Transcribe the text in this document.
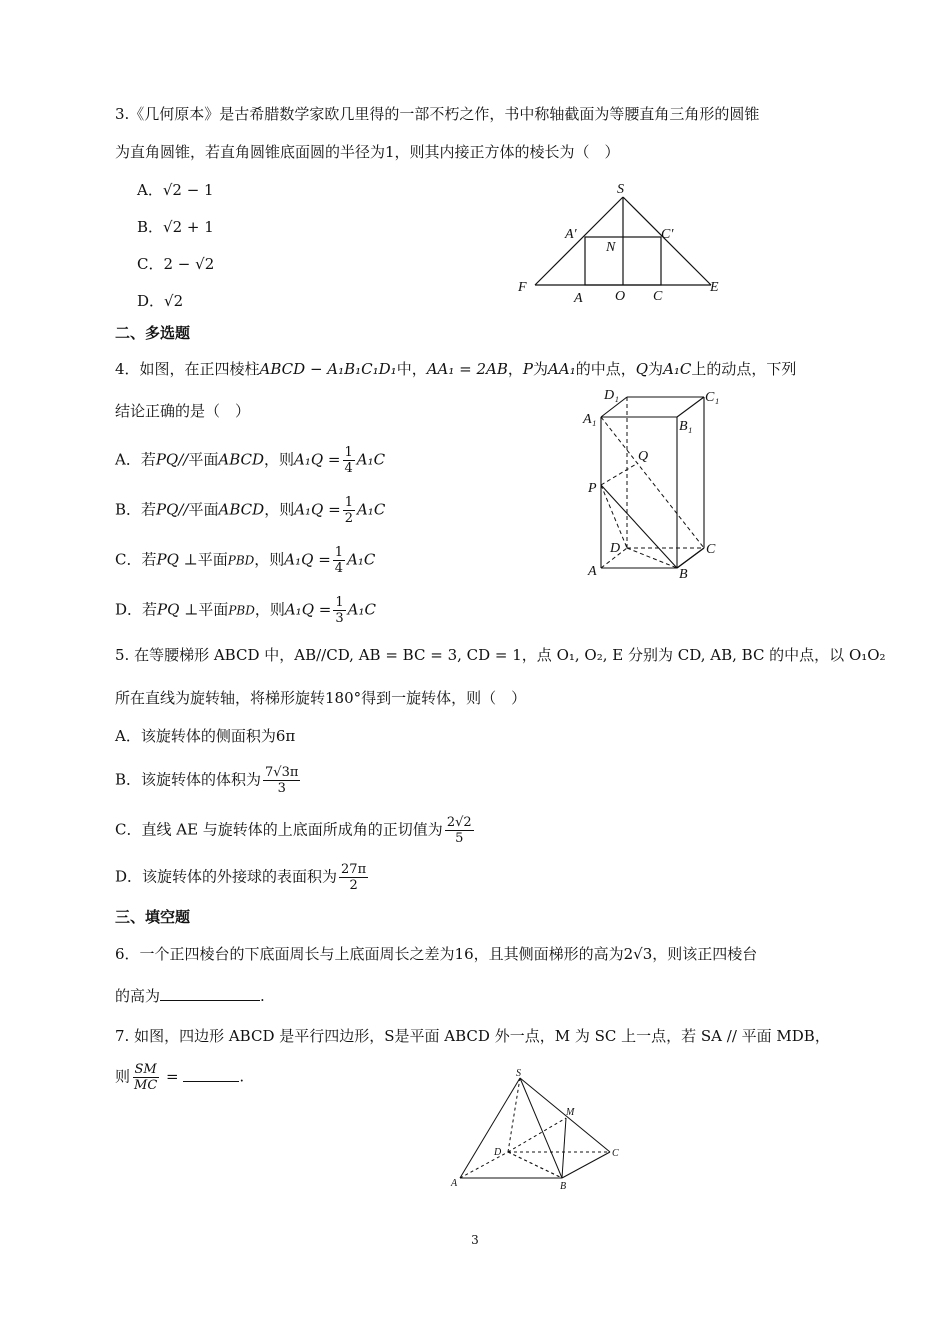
3.《几何原本》是古希腊数学家欧几里得的一部不朽之作，书中称轴截面为等腰直角三角形的圆锥
为直角圆锥，若直角圆锥底面圆的半径为1，则其内接正方体的棱长为（　）
A．√2 − 1
B．√2 + 1
C．2 − √2
D．√2
S
A′	C′
N
F
A O C
E
二、多选题
4．如图，在正四棱柱ABCD − A₁B₁C₁D₁中，AA₁ = 2AB，P为AA₁的中点，Q为A₁C上的动点，下列
结论正确的是（　）
A．若PQ//平面ABCD，则$A_1Q = \frac{1}{4} A_1C$
B．若PQ//平面ABCD，则$A_1Q = \frac{1}{2} A_1C$
C．若PQ ⊥平面PBD，则$A_1Q = \frac{1}{4} A_1C$
D．若PQ ⊥平面PBD，则$A_1Q = \frac{1}{3} A_1C$
D₁	C₁
A₁	B₁
Q
P
D	C
A	B
5. 在等腰梯形 ABCD 中，AB//CD, AB = BC = 3, CD = 1，点 O₁, O₂, E 分别为 CD, AB, BC 的中点，以 O₁O₂
所在直线为旋转轴，将梯形旋转180°得到一旋转体，则（　）
A．该旋转体的侧面积为6π
B．该旋转体的体积为 $\frac{7√3\pi}{3}$
C．直线 AE 与旋转体的上底面所成角的正切值为 $\frac{2√2}{5}$
D．该旋转体的外接球的表面积为 $\frac{27\pi}{2}$
三、填空题
6．一个正四棱台的下底面周长与上底面周长之差为16，且其侧面梯形的高为2√3，则该正四棱台
的高为	.
7. 如图，四边形 ABCD 是平行四边形，S是平面 ABCD 外一点，M 为 SC 上一点，若 SA // 平面 MDB，
则 $\frac{SM}{MC}$ =	.	S
M
D	C
A	B
3
